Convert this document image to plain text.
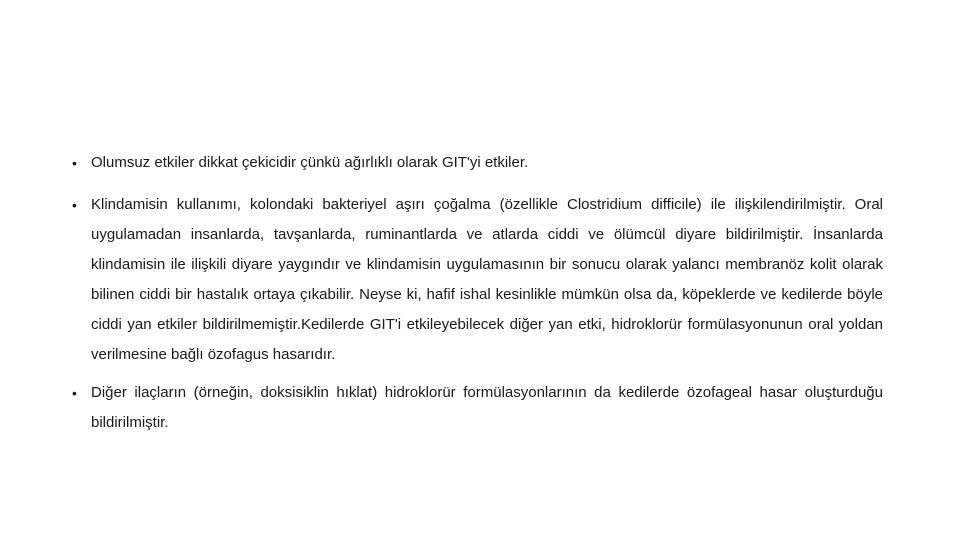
• Olumsuz etkiler dikkat çekicidir çünkü ağırlıklı olarak GIT'yi etkiler.
• Klindamisin kullanımı, kolondaki bakteriyel aşırı çoğalma (özellikle Clostridium difficile) ile ilişkilendirilmiştir. Oral uygulamadan insanlarda, tavşanlarda, ruminantlarda ve atlarda ciddi ve ölümcül diyare bildirilmiştir. İnsanlarda klindamisin ile ilişkili diyare yaygındır ve klindamisin uygulamasının bir sonucu olarak yalancı membranöz kolit olarak bilinen ciddi bir hastalık ortaya çıkabilir. Neyse ki, hafif ishal kesinlikle mümkün olsa da, köpeklerde ve kedilerde böyle ciddi yan etkiler bildirilmemiştir.Kedilerde GIT'i etkileyebilecek diğer yan etki, hidroklorür formülasyonunun oral yoldan verilmesine bağlı özofagus hasarıdır.
• Diğer ilaçların (örneğin, doksisiklin hıklat) hidroklorür formülasyonlarının da kedilerde özofageal hasar oluşturduğu bildirilmiştir.
